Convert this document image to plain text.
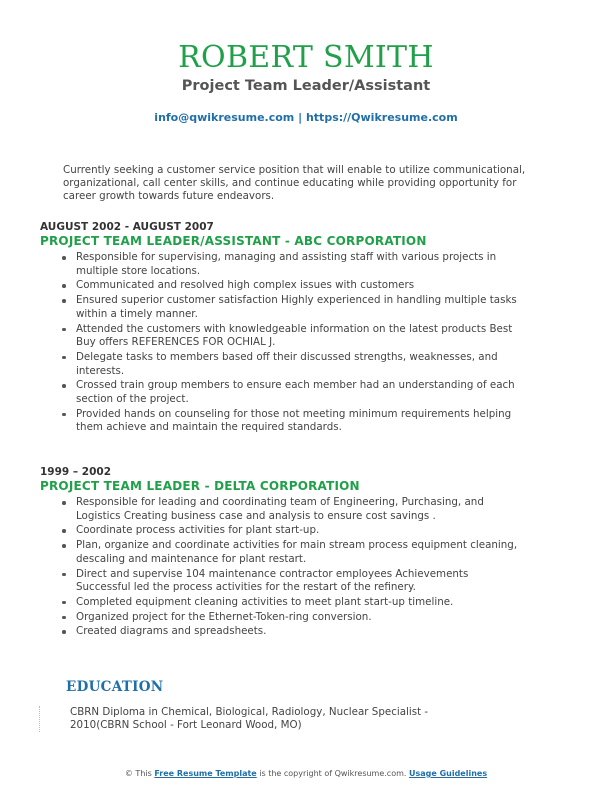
ROBERT SMITH
Project Team Leader/Assistant
info@qwikresume.com | https://Qwikresume.com
Currently seeking a customer service position that will enable to utilize communicational, organizational, call center skills, and continue educating while providing opportunity for career growth towards future endeavors.
AUGUST 2002 - AUGUST 2007
PROJECT TEAM LEADER/ASSISTANT - ABC CORPORATION
Responsible for supervising, managing and assisting staff with various projects in multiple store locations.
Communicated and resolved high complex issues with customers
Ensured superior customer satisfaction Highly experienced in handling multiple tasks within a timely manner.
Attended the customers with knowledgeable information on the latest products Best Buy offers REFERENCES FOR OCHIAL J.
Delegate tasks to members based off their discussed strengths, weaknesses, and interests.
Crossed train group members to ensure each member had an understanding of each section of the project.
Provided hands on counseling for those not meeting minimum requirements helping them achieve and maintain the required standards.
1999 – 2002
PROJECT TEAM LEADER - DELTA CORPORATION
Responsible for leading and coordinating team of Engineering, Purchasing, and Logistics Creating business case and analysis to ensure cost savings .
Coordinate process activities for plant start-up.
Plan, organize and coordinate activities for main stream process equipment cleaning, descaling and maintenance for plant restart.
Direct and supervise 104 maintenance contractor employees Achievements Successful led the process activities for the restart of the refinery.
Completed equipment cleaning activities to meet plant start-up timeline.
Organized project for the Ethernet-Token-ring conversion.
Created diagrams and spreadsheets.
EDUCATION
CBRN Diploma in Chemical, Biological, Radiology, Nuclear Specialist - 2010(CBRN School - Fort Leonard Wood, MO)
© This Free Resume Template is the copyright of Qwikresume.com. Usage Guidelines
